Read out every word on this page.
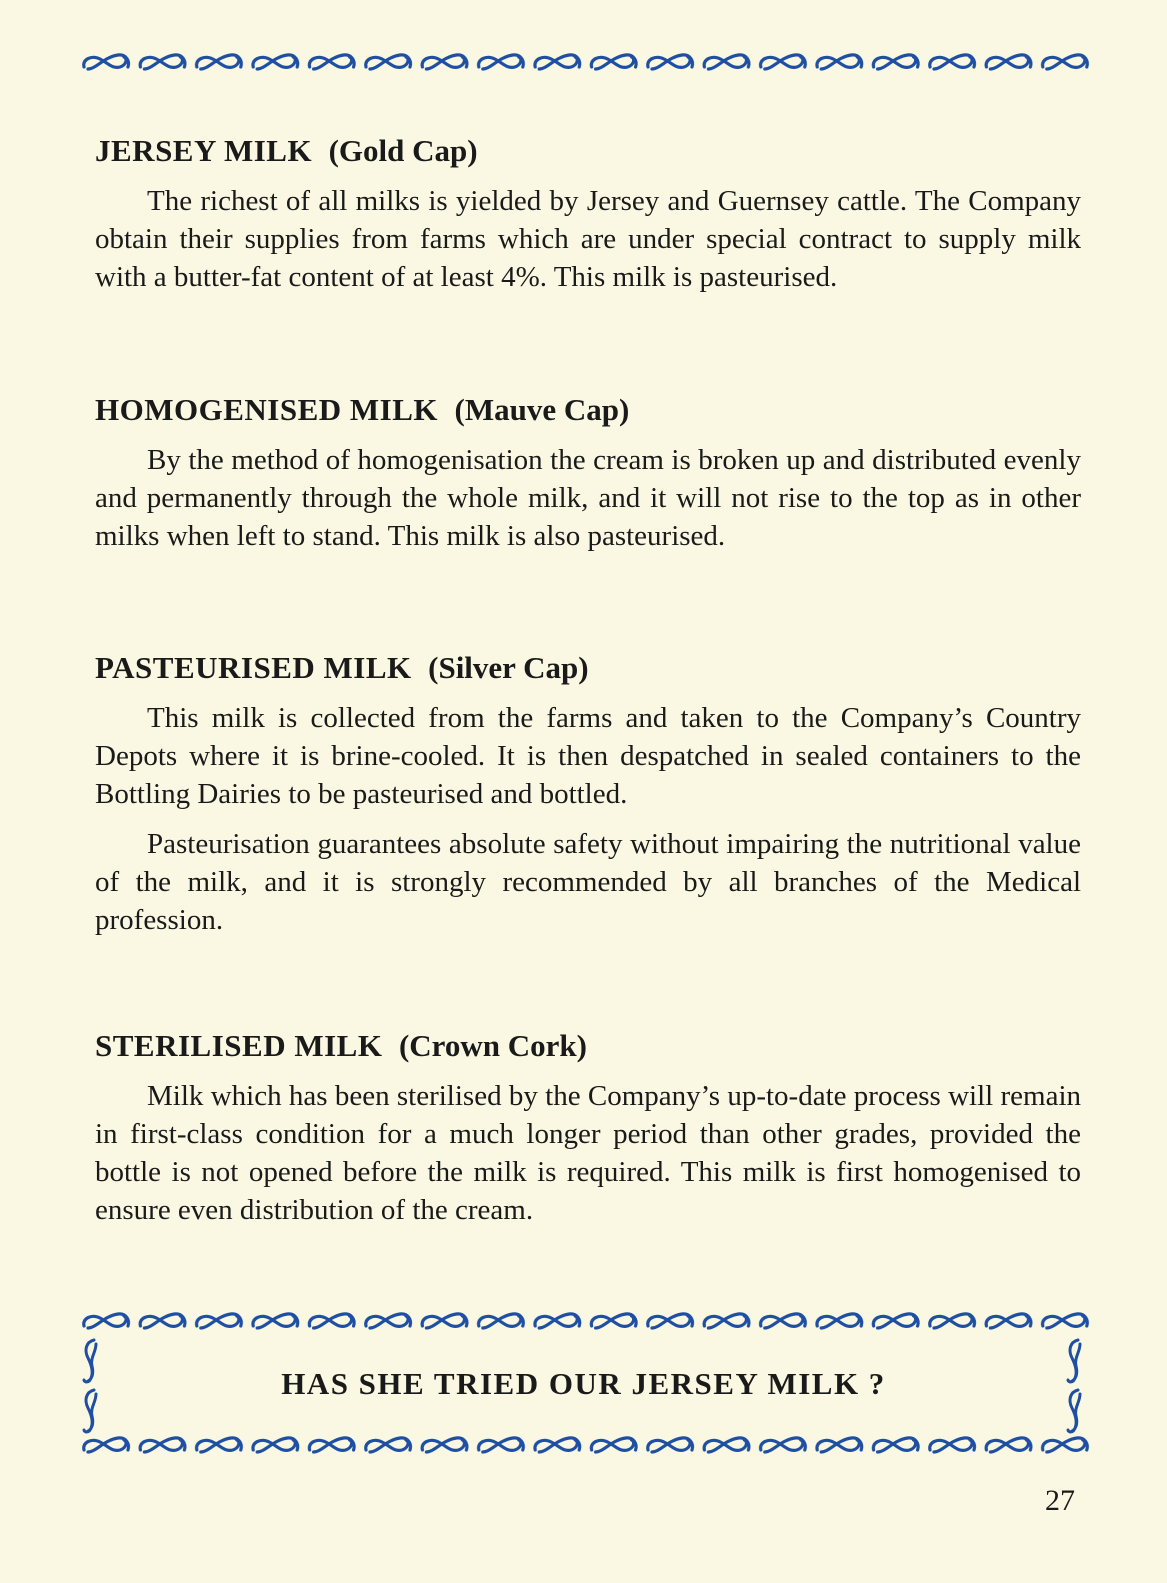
JERSEY MILK (Gold Cap)

The richest of all milks is yielded by Jersey and Guernsey cattle. The Company obtain their supplies from farms which are under special contract to supply milk with a butter-fat content of at least 4%. This milk is pasteurised.

HOMOGENISED MILK (Mauve Cap)

By the method of homogenisation the cream is broken up and distributed evenly and permanently through the whole milk, and it will not rise to the top as in other milks when left to stand. This milk is also pasteurised.

PASTEURISED MILK (Silver Cap)

This milk is collected from the farms and taken to the Company’s Country Depots where it is brine-cooled. It is then despatched in sealed containers to the Bottling Dairies to be pasteurised and bottled.

Pasteurisation guarantees absolute safety without impairing the nutritional value of the milk, and it is strongly recommended by all branches of the Medical profession.

STERILISED MILK (Crown Cork)

Milk which has been sterilised by the Company’s up-to-date process will remain in first-class condition for a much longer period than other grades, provided the bottle is not opened before the milk is required. This milk is first homogenised to ensure even distribution of the cream.

HAS SHE TRIED OUR JERSEY MILK ?
27
